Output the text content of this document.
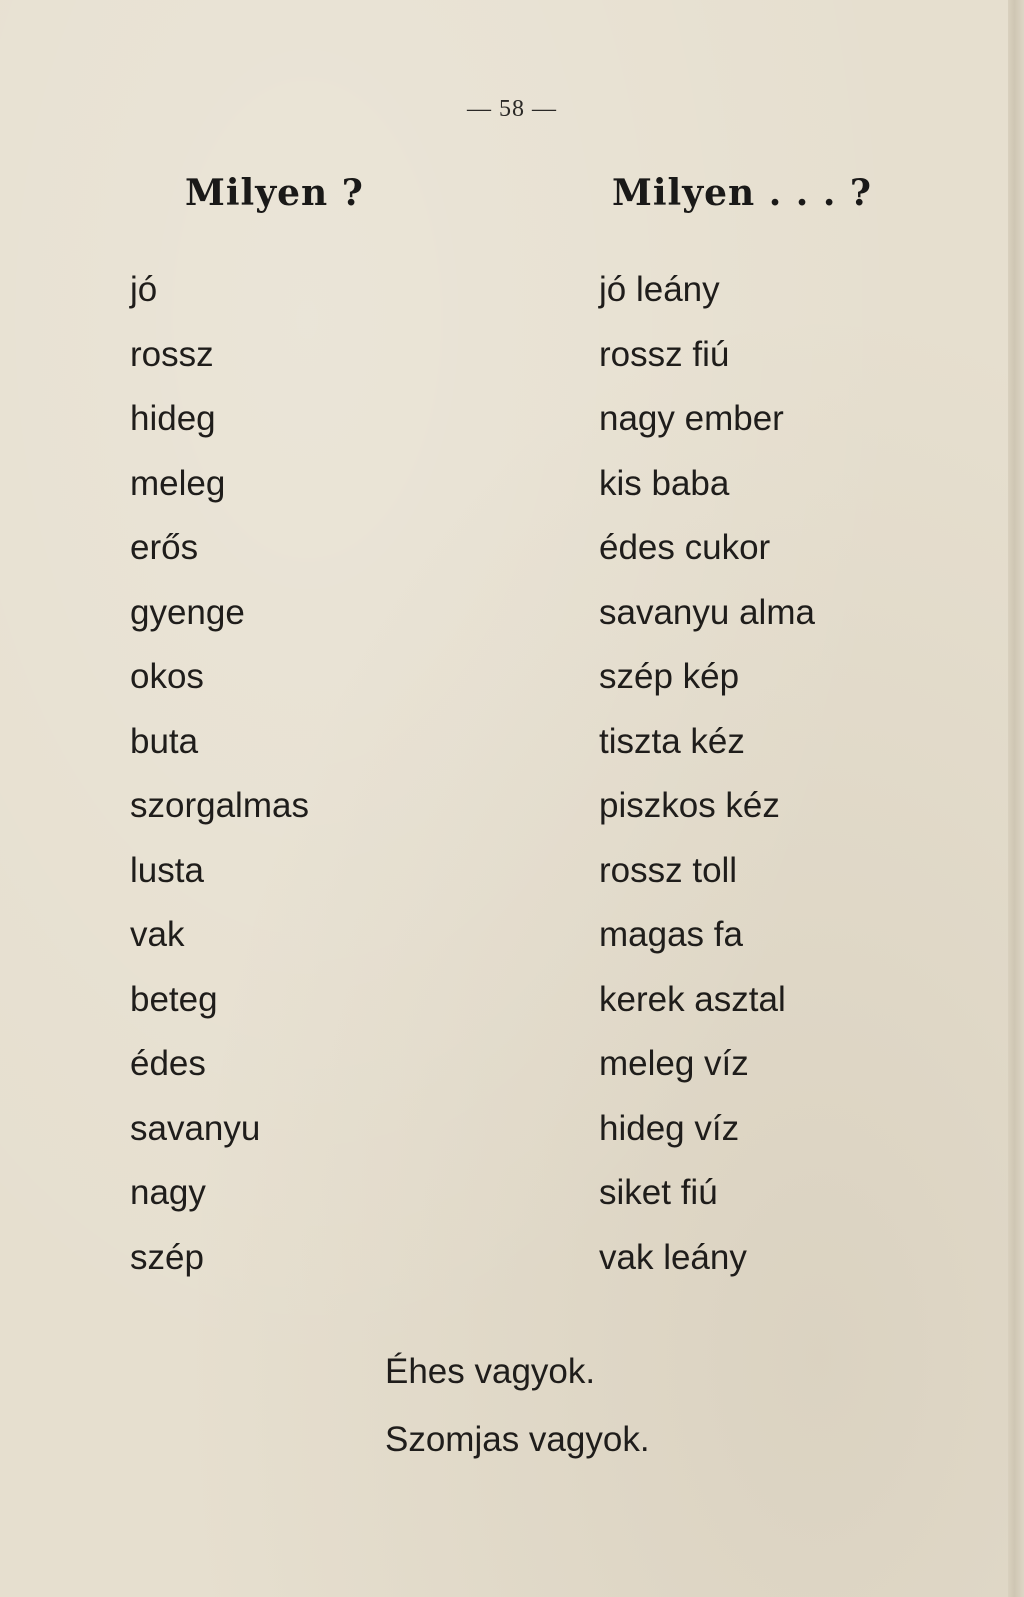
— 58 —
Milyen ?	Milyen . . . ?
jó
rossz
hideg
meleg
erős
gyenge
okos
buta
szorgalmas
lusta
vak
beteg
édes
savanyu
nagy
szép
jó leány
rossz fiú
nagy ember
kis baba
édes cukor
savanyu alma
szép kép
tiszta kéz
piszkos kéz
rossz toll
magas fa
kerek asztal
meleg víz
hideg víz
siket fiú
vak leány
Éhes vagyok.
Szomjas vagyok.
